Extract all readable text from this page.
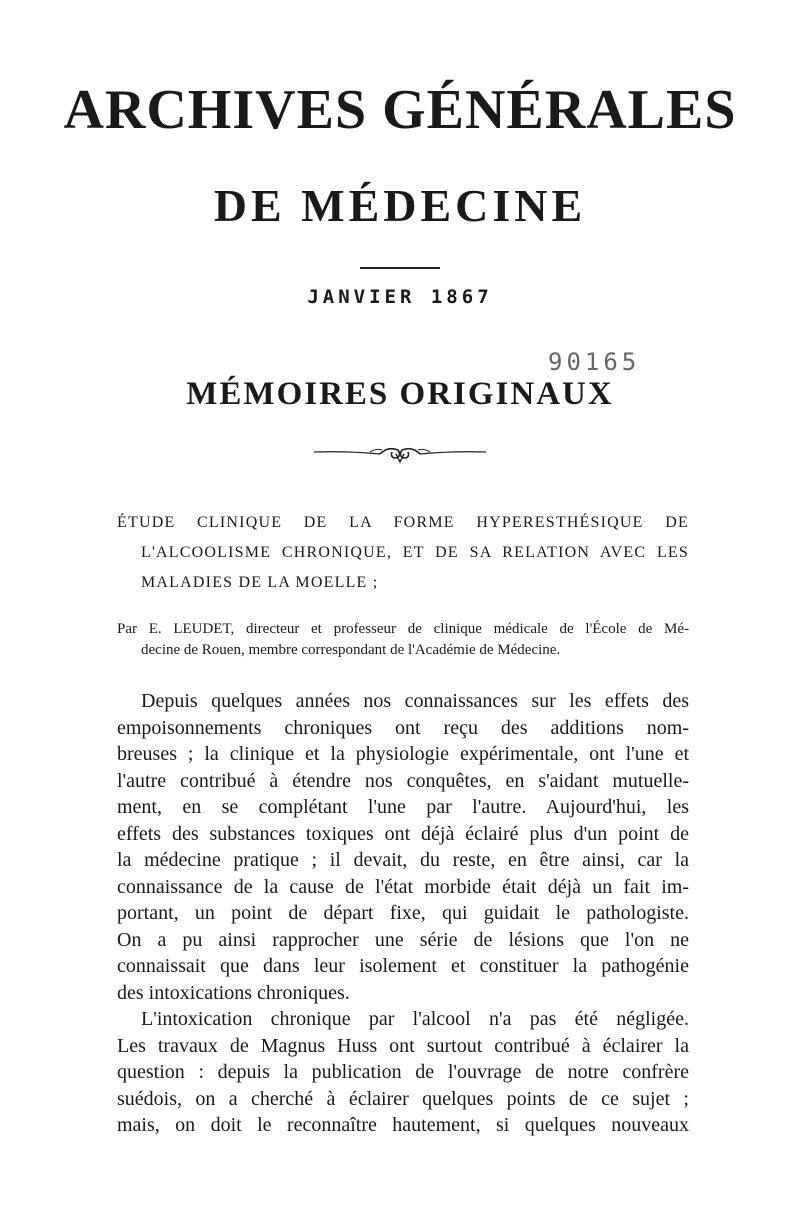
ARCHIVES GÉNÉRALES
DE MÉDECINE
JANVIER 1867
90165
MÉMOIRES ORIGINAUX
ÉTUDE CLINIQUE DE LA FORME HYPERESTHÉSIQUE DE
L'ALCOOLISME CHRONIQUE, ET DE SA RELATION AVEC LES
MALADIES DE LA MOELLE ;
Par E. LEUDET, directeur et professeur de clinique médicale de l'École de Mé-
decine de Rouen, membre correspondant de l'Académie de Médecine.
Depuis quelques années nos connaissances sur les effets des
empoisonnements chroniques ont reçu des additions nom-
breuses ; la clinique et la physiologie expérimentale, ont l'une et
l'autre contribué à étendre nos conquêtes, en s'aidant mutuelle-
ment, en se complétant l'une par l'autre. Aujourd'hui, les
effets des substances toxiques ont déjà éclairé plus d'un point de
la médecine pratique ; il devait, du reste, en être ainsi, car la
connaissance de la cause de l'état morbide était déjà un fait im-
portant, un point de départ fixe, qui guidait le pathologiste.
On a pu ainsi rapprocher une série de lésions que l'on ne
connaissait que dans leur isolement et constituer la pathogénie
des intoxications chroniques.
L'intoxication chronique par l'alcool n'a pas été négligée.
Les travaux de Magnus Huss ont surtout contribué à éclairer la
question : depuis la publication de l'ouvrage de notre confrère
suédois, on a cherché à éclairer quelques points de ce sujet ;
mais, on doit le reconnaître hautement, si quelques nouveaux
